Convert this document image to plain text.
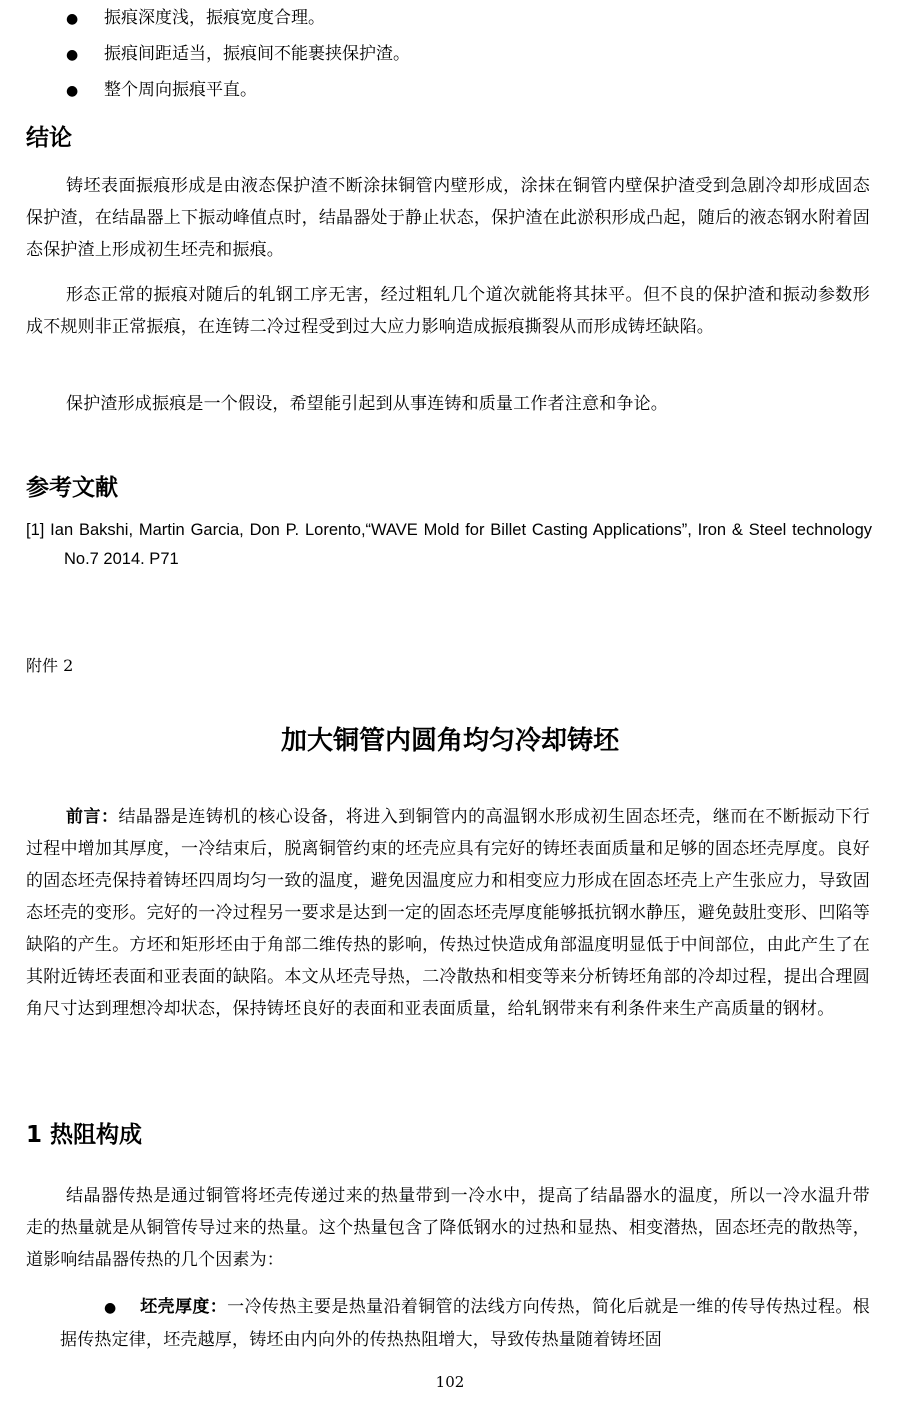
● 振痕深度浅，振痕宽度合理。
● 振痕间距适当，振痕间不能裹挟保护渣。
● 整个周向振痕平直。
结论
铸坯表面振痕形成是由液态保护渣不断涂抹铜管内壁形成，涂抹在铜管内壁保护渣受到急剧冷却形成固态保护渣，在结晶器上下振动峰值点时，结晶器处于静止状态，保护渣在此淤积形成凸起，随后的液态钢水附着固态保护渣上形成初生坯壳和振痕。
形态正常的振痕对随后的轧钢工序无害，经过粗轧几个道次就能将其抹平。但不良的保护渣和振动参数形成不规则非正常振痕，在连铸二冷过程受到过大应力影响造成振痕撕裂从而形成铸坯缺陷。
保护渣形成振痕是一个假设，希望能引起到从事连铸和质量工作者注意和争论。
参考文献
[1] Ian Bakshi, Martin Garcia, Don P. Lorento,“WAVE Mold for Billet Casting Applications”, Iron & Steel technology No.7 2014. P71
附件 2
加大铜管内圆角均匀冷却铸坯
前言：结晶器是连铸机的核心设备，将进入到铜管内的高温钢水形成初生固态坯壳，继而在不断振动下行过程中增加其厚度，一冷结束后，脱离铜管约束的坯壳应具有完好的铸坯表面质量和足够的固态坯壳厚度。良好的固态坯壳保持着铸坯四周均匀一致的温度，避免因温度应力和相变应力形成在固态坯壳上产生张应力，导致固态坯壳的变形。完好的一冷过程另一要求是达到一定的固态坯壳厚度能够抵抗钢水静压，避免鼓肚变形、凹陷等缺陷的产生。方坯和矩形坯由于角部二维传热的影响，传热过快造成角部温度明显低于中间部位，由此产生了在其附近铸坯表面和亚表面的缺陷。本文从坯壳导热，二冷散热和相变等来分析铸坯角部的冷却过程，提出合理圆角尺寸达到理想冷却状态，保持铸坯良好的表面和亚表面质量，给轧钢带来有利条件来生产高质量的钢材。
1 热阻构成
结晶器传热是通过铜管将坯壳传递过来的热量带到一冷水中，提高了结晶器水的温度，所以一冷水温升带走的热量就是从铜管传导过来的热量。这个热量包含了降低钢水的过热和显热、相变潜热，固态坯壳的散热等，道影响结晶器传热的几个因素为：
● 坯壳厚度：一冷传热主要是热量沿着铜管的法线方向传热，简化后就是一维的传导传热过程。根据传热定律，坯壳越厚，铸坯由内向外的传热热阻增大，导致传热量随着铸坯固
102
